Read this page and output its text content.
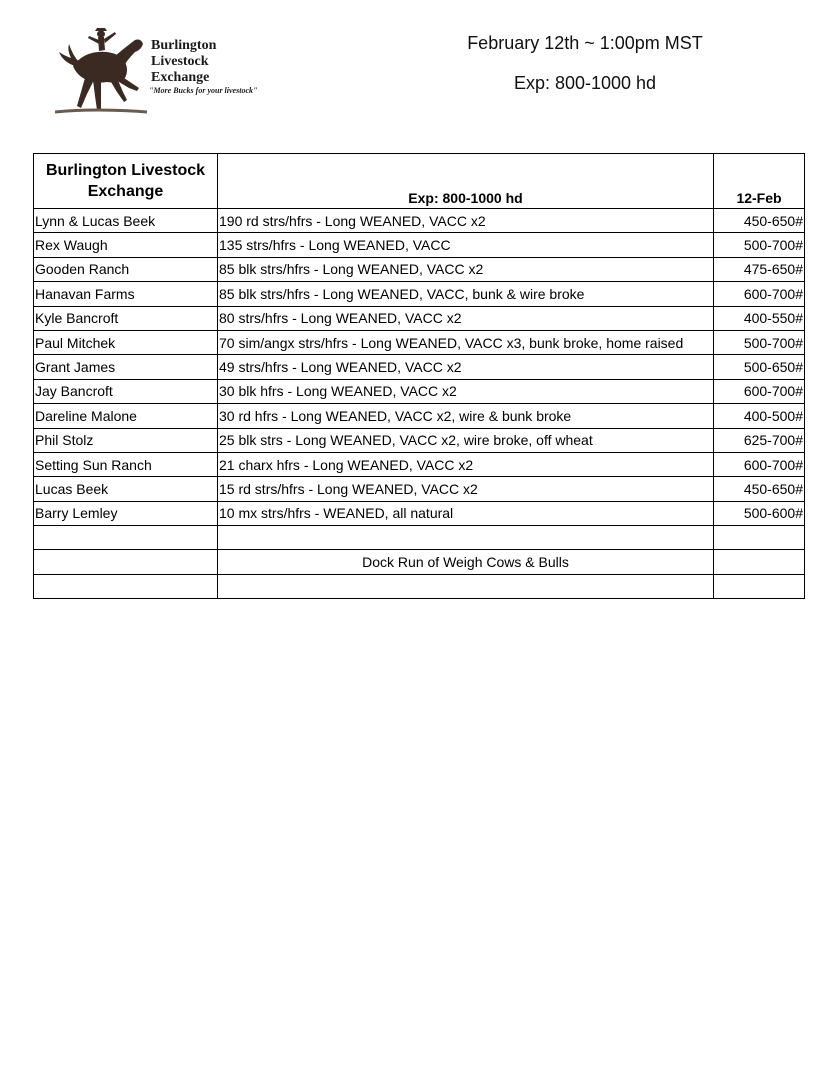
Burlington
Livestock
Exchange
"More Bucks for your livestock"
February 12th ~ 1:00pm MST
Exp: 800-1000 hd
Burlington Livestock Exchange	Exp: 800-1000 hd	12-Feb
Lynn & Lucas Beek	190 rd strs/hfrs - Long WEANED, VACC x2	450-650#
Rex Waugh	135 strs/hfrs - Long WEANED, VACC	500-700#
Gooden Ranch	85 blk strs/hfrs - Long WEANED, VACC x2	475-650#
Hanavan Farms	85 blk strs/hfrs - Long WEANED, VACC, bunk & wire broke	600-700#
Kyle Bancroft	80 strs/hfrs - Long WEANED, VACC x2	400-550#
Paul Mitchek	70 sim/angx strs/hfrs - Long WEANED, VACC x3, bunk broke, home raised	500-700#
Grant James	49 strs/hfrs - Long WEANED, VACC x2	500-650#
Jay Bancroft	30 blk hfrs - Long WEANED, VACC x2	600-700#
Dareline Malone	30 rd hfrs - Long WEANED, VACC x2, wire & bunk broke	400-500#
Phil Stolz	25 blk strs - Long WEANED, VACC x2, wire broke, off wheat	625-700#
Setting Sun Ranch	21 charx hfrs - Long WEANED, VACC x2	600-700#
Lucas Beek	15 rd strs/hfrs - Long WEANED, VACC x2	450-650#
Barry Lemley	10 mx strs/hfrs - WEANED, all natural	500-600#

	Dock Run of Weigh Cows & Bulls	
